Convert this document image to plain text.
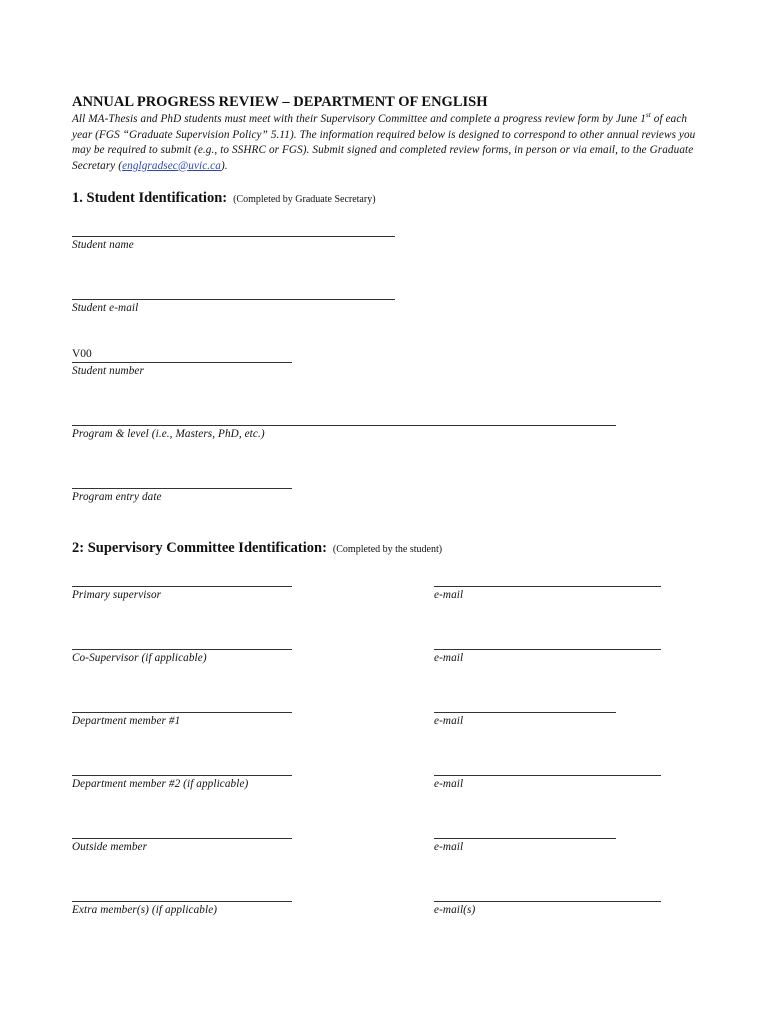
ANNUAL PROGRESS REVIEW – DEPARTMENT OF ENGLISH
All MA-Thesis and PhD students must meet with their Supervisory Committee and complete a progress review form by June 1st of each year (FGS “Graduate Supervision Policy” 5.11). The information required below is designed to correspond to other annual reviews you may be required to submit (e.g., to SSHRC or FGS). Submit signed and completed review forms, in person or via email, to the Graduate Secretary (englgradsec@uvic.ca).
1. Student Identification: (Completed by Graduate Secretary)
Student name
Student e-mail
V00
Student number
Program & level (i.e., Masters, PhD, etc.)
Program entry date
2: Supervisory Committee Identification: (Completed by the student)
Primary supervisor	e-mail
Co-Supervisor (if applicable)	e-mail
Department member #1	e-mail
Department member #2 (if applicable)	e-mail
Outside member	e-mail
Extra member(s) (if applicable)	e-mail(s)
